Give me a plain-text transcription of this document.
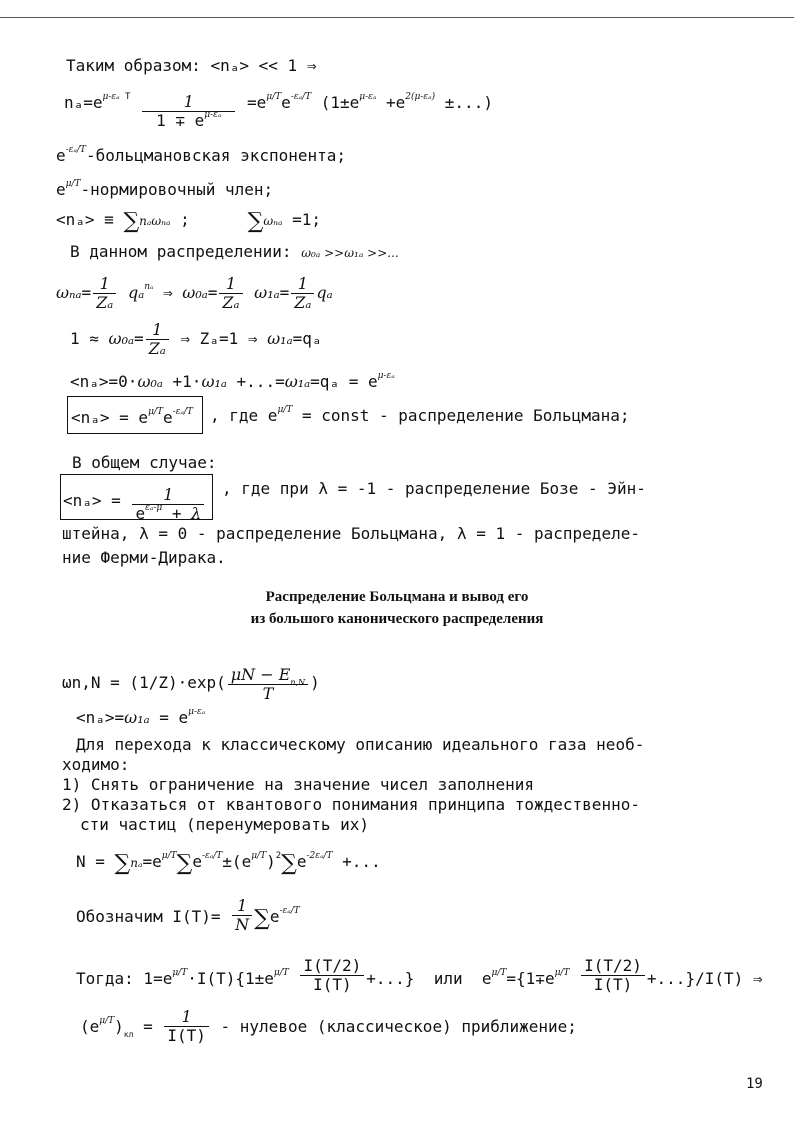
Таким образом: <nₐ> << 1 ⇒
$n_a=e^{\mu-\varepsilon_a}$ $^T \frac{1}{1 \mp e^{\mu-\varepsilon_a}} =e^{\mu/T}e^{-\varepsilon_a/T}$ ($1\pm e^{\mu-\varepsilon_a} +e^{2(\mu-\varepsilon_a)}$ ±...)
$e^{-\varepsilon_a/T}$-больцмановская экспонента;
$e^{\mu/T}$-нормировочный член;
<nₐ> ≡ ∑nₐωₙₐ ;	∑ωₙₐ =1;
В данном распределении: ω₀ₐ >>ω₁ₐ >>...
$\omega_{na}= \frac{1}{\text{Zₐ}} q_a^{n_a}$ ⇒ $\omega_{0a}= \frac{1}{\text{Zₐ}} \omega_{1a}= \frac{1}{\text{Zₐ}}$ qₐ
$1 \approx \omega_{0a}= \frac{1}{\text{Zₐ}}$ ⇒ Zₐ=1 ⇒ ω₁ₐ=qₐ
$<n_a>=0\cdot\omega_{0a} +1\cdot\omega_{1a} +...=\omega_{1a}=q_a = e^{\mu-\varepsilon_a}$
$<n_a> = e^{\mu/T}e^{-\varepsilon_a/T}$ , где $e^{\mu/T}$ = const - распределение Больцмана;
В общем случае:
$<n_a> = \frac{1}{e^{\varepsilon_a-\mu} + \lambda}$ , где при λ = -1 - распределение Бозе - Эйн-
штейна, λ = 0 - распределение Больцмана, λ = 1 - распределе-
ние Ферми-Дирака.
Распределение Больцмана и вывод его
из большого канонического распределения
$\omega n,N = (1/Z)\cdot\exp( \frac{\mu N - E_{n,N}}{T}$ )
$<n_a>=\omega_{1a} = e^{\mu-\varepsilon_a}$
Для перехода к классическому описанию идеального газа необ-
ходимо:
1) Снять ограничение на значение чисел заполнения
2) Отказаться от квантового понимания принципа тождественно-
сти частиц (перенумеровать их)
$N = \sum n_a=e^{\mu/T}\sum e^{-\varepsilon_a/T}\pm(e^{\mu/T})^2\sum e^{-2\varepsilon_a/T}$ +...
Обозначим $I(T)= \frac{1}{N} \sum e^{-\varepsilon_a/T}$
Тогда: $1=e^{\mu/T}\cdot I(T)\{1\pm e^{\mu/T} \frac{I(T/2)}{I(T)}$ +...}  или  $e^{\mu/T}=\{1\mp e^{\mu/T} \frac{I(T/2)}{I(T)} +...\}/I(T)$ ⇒
$(e^{\mu/T})_{кл} = \frac{1}{I(T)}$ - нулевое (классическое) приближение;
19
